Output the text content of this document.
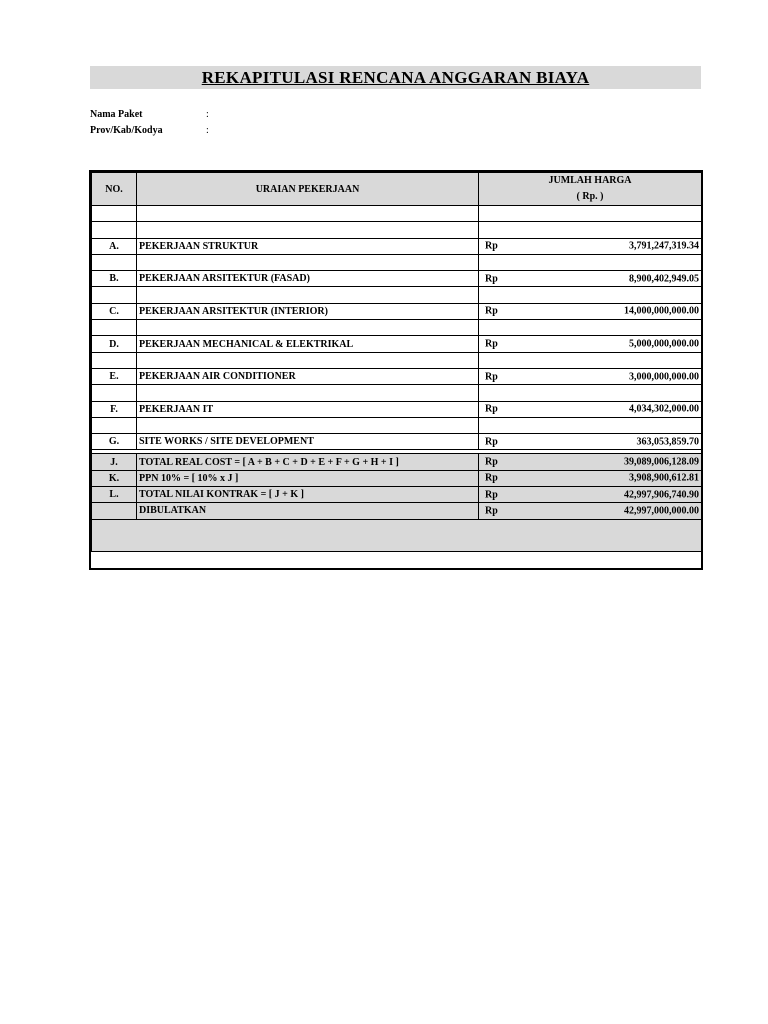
REKAPITULASI RENCANA ANGGARAN BIAYA
Nama Paket	:
Prov/Kab/Kodya	:
NO.	URAIAN PEKERJAAN	JUMLAH HARGA
( Rp. )

A.	PEKERJAAN STRUKTUR	Rp 3,791,247,319.34

B.	PEKERJAAN ARSITEKTUR (FASAD)	Rp 8,900,402,949.05

C.	PEKERJAAN ARSITEKTUR (INTERIOR)	Rp 14,000,000,000.00

D.	PEKERJAAN MECHANICAL & ELEKTRIKAL	Rp 5,000,000,000.00

E.	PEKERJAAN AIR CONDITIONER	Rp 3,000,000,000.00

F.	PEKERJAAN IT	Rp 4,034,302,000.00

G.	SITE WORKS / SITE DEVELOPMENT	Rp 363,053,859.70

J.	TOTAL REAL COST = [ A + B + C + D + E + F + G + H + I ]	Rp 39,089,006,128.09

K.	PPN 10% = [ 10% x J ]	Rp 3,908,900,612.81

L.	TOTAL NILAI KONTRAK = [ J + K ]	Rp 42,997,906,740.90

	DIBULATKAN	Rp 42,997,000,000.00
